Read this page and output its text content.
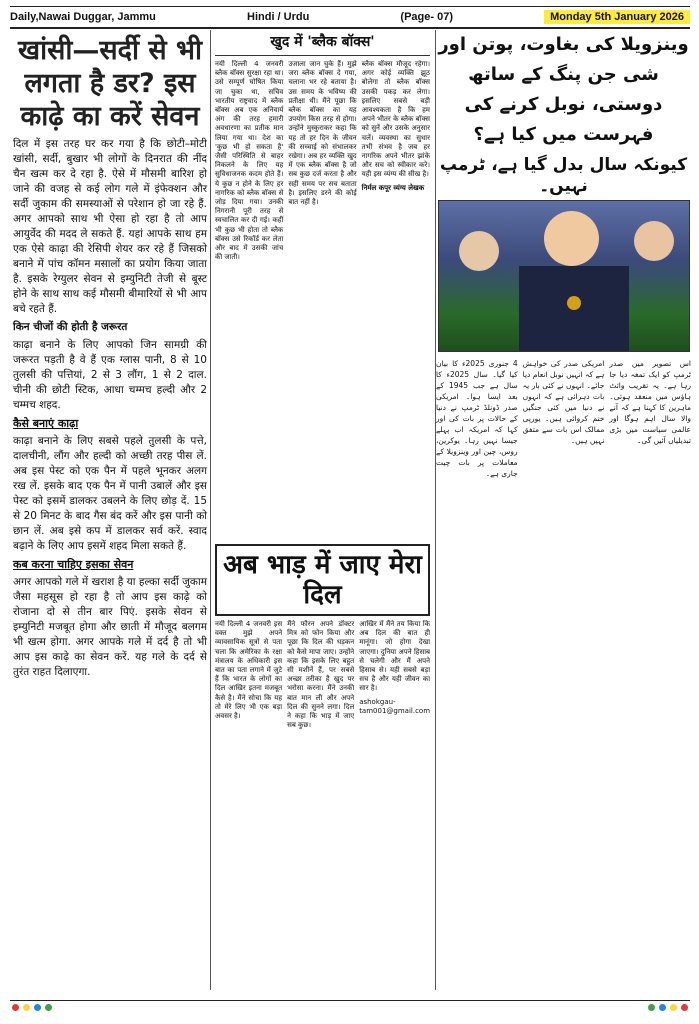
Daily,Nawai Duggar, Jammu	Hindi / Urdu	(Page- 07)	Monday 5th January 2026
खांसी—सर्दी से भी लगता है डर? इस काढ़े का करें सेवन

दिल में इस तरह घर कर गया है कि छोटी–मोटी खांसी, सर्दी, बुखार भी लोगों के दिनरात की नींद चैन खत्म कर दे रहा है. ऐसे में मौसमी बारिश हो जाने की वजह से कई लोग गले में इंफेक्शन और सर्दी जुकाम की समस्याओं से परेशान हो जा रहे हैं. अगर आपको साथ भी ऐसा हो रहा है तो आप आयुर्वेद की मदद ले सकते हैं. यहां आपके साथ हम एक ऐसे काढ़ा की रेसिपी शेयर कर रहे हैं जिसको बनाने में पांच कॉमन मसालों का प्रयोग किया जाता है. इसके रेग्युलर सेवन से इम्युनिटी तेजी से बूस्ट होने के साथ साथ कई मौसमी बीमारियों से भी आप बचे रहते हैं.

किन चीजों की होती है जरूरत

काढ़ा बनाने के लिए आपको जिन सामग्री की जरूरत पड़ती है वे हैं एक ग्लास पानी, 8 से 10 तुलसी की पत्तियां, 2 से 3 लौंग, 1 से 2 दाल. चीनी की छोटी स्टिक, आधा चम्मच हल्दी और 2 चम्मच शहद.

कैसे बनाएं काढ़ा

काढ़ा बनाने के लिए सबसे पहले तुलसी के पत्ते, दालचीनी, लौंग और हल्दी को अच्छी तरह पीस लें. अब इस पेस्ट को एक पैन में पहले भूनकर अलग रख लें. इसके बाद एक पैन में पानी उबालें और इस पेस्ट को इसमें डालकर उबलने के लिए छोड़ दें. 15 से 20 मिनट के बाद गैस बंद करें और इस पानी को छान लें. अब इसे कप में डालकर सर्व करें. स्वाद बढ़ाने के लिए आप इसमें शहद मिला सकते हैं.

कब करना चाहिए इसका सेवन

अगर आपको गले में खराश है या हल्का सर्दी जुकाम जैसा महसूस हो रहा है तो आप इस काढ़े को रोजाना दो से तीन बार पिएं. इसके सेवन से इम्युनिटी मजबूत होगा और छाती में मौजूद बलगम भी खत्म होगा. अगर आपके गले में दर्द है तो भी आप इस काढ़े का सेवन करें. यह गले के दर्द से तुरंत राहत दिलाएगा.

खुद में 'ब्लैक बॉक्स'
नयी दिल्ली 4 जनवरी ब्लैक बॉक्स सुरक्षा रहा था। उसे सम्पूर्ण घोषित किया जा चुका था, सचिव भारतीय राष्ट्रवाद में ब्लैक बॉक्स अब एक अनिवार्य अंग की तरह हमारी अवधारणा का प्रतीक मान लिया गया था। देश का 'कुछ भी हो सकता है' जैसी परिस्थिति से बाहर निकलने के लिए यह सुविधाजनक कदम होते हैं। ये कुछ न होने के लिए हर नागरिक को ब्लैक बॉक्स से जोड़ दिया गया। उनकी निगरानी पूरी तरह से स्वचालित कर दी गई। कहीं भी कुछ भी होता तो ब्लैक बॉक्स उसे रिकॉर्ड कर लेता और बाद में उसकी जांच की जाती।
उजाला जान चुके हैं। मुझे जरा ब्लैक बॉक्स दे गया, चलाना भर रहे बताया है। उस समय के भविष्य की प्रतीक्षा थी। मैंने पूछा कि ब्लैक बॉक्स का यह उपयोग किस तरह से होगा। उन्होंने मुस्कुराकर कहा कि यह तो हर दिन के जीवन की सच्चाई को संभालकर रखेगा। अब हर व्यक्ति खुद में एक ब्लैक बॉक्स है जो सब कुछ दर्ज करता है और सही समय पर सच बताता है। इसलिए डरने की कोई बात नहीं है।
ब्लैक बॉक्स मौजूद रहेगा। अगर कोई व्यक्ति झूठ बोलेगा तो ब्लैक बॉक्स उसकी पकड़ कर लेगा। इसलिए सबसे बड़ी आवश्यकता है कि हम अपने भीतर के ब्लैक बॉक्स को सुनें और उसके अनुसार चलें। व्यवस्था का सुधार तभी संभव है जब हर नागरिक अपने भीतर झांके और सच को स्वीकार करे। यही इस व्यंग्य की सीख है।
निर्मल कपूर व्यंग्य लेखक
अब भाड़ में जाए मेरा दिल
नयी दिल्ली 4 जनवरी इस वक्त मुझे अपने व्यावसायिक सूत्रों से पता चला कि अमेरिका के रक्षा मंत्रालय के अधिकारी इस बात का पता लगाने में जुटे हैं कि भारत के लोगों का दिल आखिर इतना मजबूत कैसे है। मैंने सोचा कि यह तो मेरे लिए भी एक बड़ा अवसर है।
मैंने फौरन अपने डॉक्टर मित्र को फोन किया और पूछा कि दिल की धड़कन को कैसे मापा जाए। उन्होंने कहा कि इसके लिए बहुत सी मशीनें हैं, पर सबसे अच्छा तरीका है खुद पर भरोसा करना। मैंने उनकी बात मान ली और अपने दिल की सुनने लगा। दिल ने कहा कि भाड़ में जाए सब कुछ।
आखिर में मैंने तय किया कि अब दिल की बात ही मानूंगा। जो होगा देखा जाएगा। दुनिया अपने हिसाब से चलेगी और मैं अपने हिसाब से। यही सबसे बड़ा सच है और यही जीवन का सार है।
ashokgau- tam001@gmail.com
وینزویلا کی بغاوت، پوتن اور شی جن پنگ کے ساتھ دوستی، نوبل کرنے کی فہرست میں کیا ہے؟
کیونکہ سال بدل گیا ہے، ٹرمپ نہیں۔
4 جنوری 2025ء کا بیان کیا گیا۔ سال 2025ء کا سال ہے جب 1945 کے بعد ایسا ہوا۔ امریکی صدر ڈونلڈ ٹرمپ نے دنیا کے حالات پر بات کی اور کہا کہ امریکہ اب پہلے جیسا نہیں رہا۔ یوکرین، روس، چین اور وینزویلا کے معاملات پر بات چیت جاری ہے۔
امریکی صدر کی خواہش ہے کہ انہیں نوبل انعام دیا جائے۔ انہوں نے کئی بار یہ بات دہرائی ہے کہ انہوں نے دنیا میں کئی جنگیں ختم کروائی ہیں۔ یورپی ممالک اس بات سے متفق نہیں ہیں۔
اس تصویر میں صدر ٹرمپ کو ایک تمغہ دیا جا رہا ہے۔ یہ تقریب وائٹ ہاؤس میں منعقد ہوئی۔ ماہرین کا کہنا ہے کہ آنے والا سال اہم ہوگا اور عالمی سیاست میں بڑی تبدیلیاں آئیں گی۔
